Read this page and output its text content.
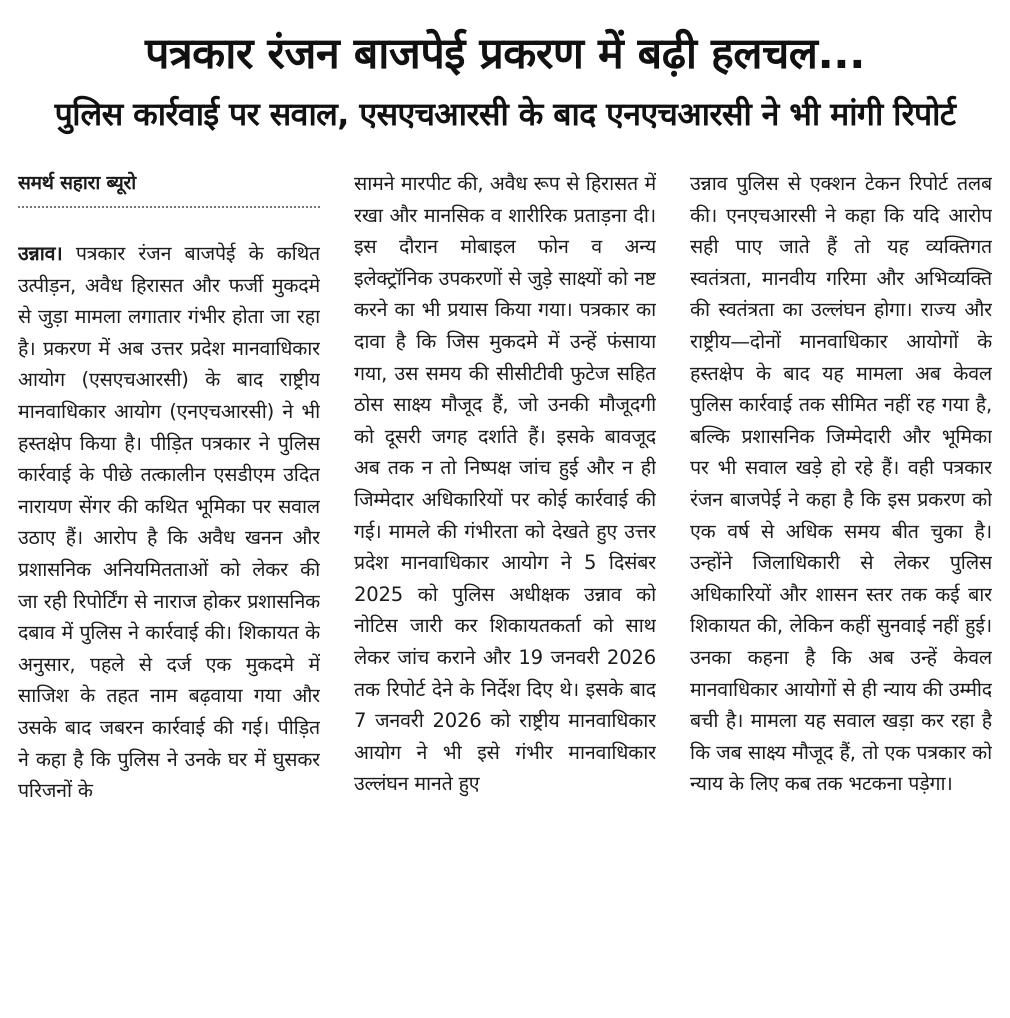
पत्रकार रंजन बाजपेई प्रकरण में बढ़ी हलचल...
पुलिस कार्रवाई पर सवाल, एसएचआरसी के बाद एनएचआरसी ने भी मांगी रिपोर्ट
समर्थ सहारा ब्यूरो

उन्नाव। पत्रकार रंजन बाजपेई के कथित उत्पीड़न, अवैध हिरासत और फर्जी मुकदमे से जुड़ा मामला लगातार गंभीर होता जा रहा है। प्रकरण में अब उत्तर प्रदेश मानवाधिकार आयोग (एसएचआरसी) के बाद राष्ट्रीय मानवाधिकार आयोग (एनएचआरसी) ने भी हस्तक्षेप किया है। पीड़ित पत्रकार ने पुलिस कार्रवाई के पीछे तत्कालीन एसडीएम उदित नारायण सेंगर की कथित भूमिका पर सवाल उठाए हैं। आरोप है कि अवैध खनन और प्रशासनिक अनियमितताओं को लेकर की जा रही रिपोर्टिंग से नाराज होकर प्रशासनिक दबाव में पुलिस ने कार्रवाई की। शिकायत के अनुसार, पहले से दर्ज एक मुकदमे में साजिश के तहत नाम बढ़वाया गया और उसके बाद जबरन कार्रवाई की गई। पीड़ित ने कहा है कि पुलिस ने उनके घर में घुसकर परिजनों के

सामने मारपीट की, अवैध रूप से हिरासत में रखा और मानसिक व शारीरिक प्रताड़ना दी। इस दौरान मोबाइल फोन व अन्य इलेक्ट्रॉनिक उपकरणों से जुड़े साक्ष्यों को नष्ट करने का भी प्रयास किया गया। पत्रकार का दावा है कि जिस मुकदमे में उन्हें फंसाया गया, उस समय की सीसीटीवी फुटेज सहित ठोस साक्ष्य मौजूद हैं, जो उनकी मौजूदगी को दूसरी जगह दर्शाते हैं। इसके बावजूद अब तक न तो निष्पक्ष जांच हुई और न ही जिम्मेदार अधिकारियों पर कोई कार्रवाई की गई। मामले की गंभीरता को देखते हुए उत्तर प्रदेश मानवाधिकार आयोग ने 5 दिसंबर 2025 को पुलिस अधीक्षक उन्नाव को नोटिस जारी कर शिकायतकर्ता को साथ लेकर जांच कराने और 19 जनवरी 2026 तक रिपोर्ट देने के निर्देश दिए थे। इसके बाद 7 जनवरी 2026 को राष्ट्रीय मानवाधिकार आयोग ने भी इसे गंभीर मानवाधिकार उल्लंघन मानते हुए

उन्नाव पुलिस से एक्शन टेकन रिपोर्ट तलब की। एनएचआरसी ने कहा कि यदि आरोप सही पाए जाते हैं तो यह व्यक्तिगत स्वतंत्रता, मानवीय गरिमा और अभिव्यक्ति की स्वतंत्रता का उल्लंघन होगा। राज्य और राष्ट्रीय—दोनों मानवाधिकार आयोगों के हस्तक्षेप के बाद यह मामला अब केवल पुलिस कार्रवाई तक सीमित नहीं रह गया है, बल्कि प्रशासनिक जिम्मेदारी और भूमिका पर भी सवाल खड़े हो रहे हैं। वही पत्रकार रंजन बाजपेई ने कहा है कि इस प्रकरण को एक वर्ष से अधिक समय बीत चुका है। उन्होंने जिलाधिकारी से लेकर पुलिस अधिकारियों और शासन स्तर तक कई बार शिकायत की, लेकिन कहीं सुनवाई नहीं हुई। उनका कहना है कि अब उन्हें केवल मानवाधिकार आयोगों से ही न्याय की उम्मीद बची है। मामला यह सवाल खड़ा कर रहा है कि जब साक्ष्य मौजूद हैं, तो एक पत्रकार को न्याय के लिए कब तक भटकना पड़ेगा।
